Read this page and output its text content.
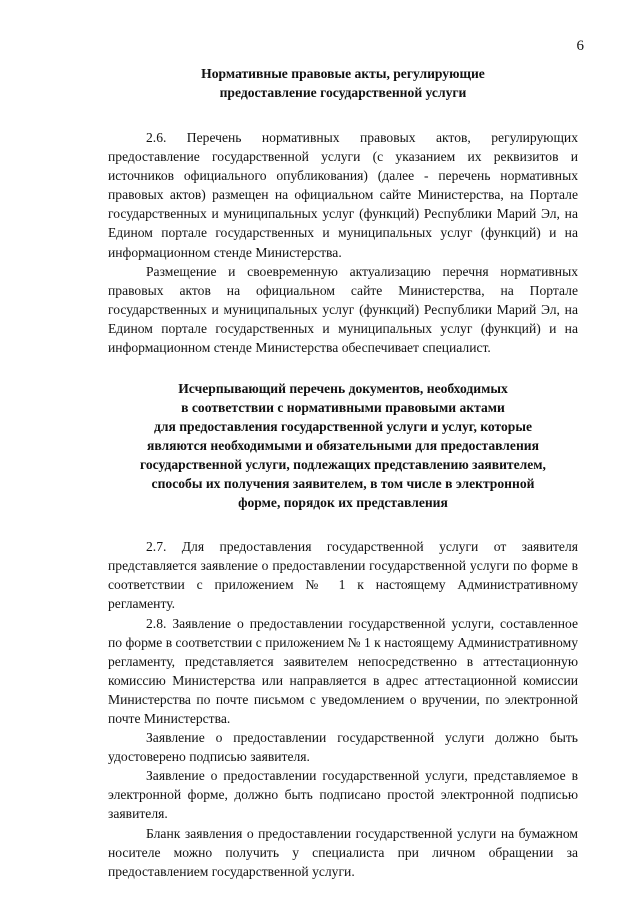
6
Нормативные правовые акты, регулирующие
предоставление государственной услуги

2.6. Перечень нормативных правовых актов, регулирующих предоставление государственной услуги (с указанием их реквизитов и источников официального опубликования) (далее - перечень нормативных правовых актов) размещен на официальном сайте Министерства, на Портале государственных и муниципальных услуг (функций) Республики Марий Эл, на Едином портале государственных и муниципальных услуг (функций) и на информационном стенде Министерства.

Размещение и своевременную актуализацию перечня нормативных правовых актов на официальном сайте Министерства, на Портале государственных и муниципальных услуг (функций) Республики Марий Эл, на Едином портале государственных и муниципальных услуг (функций) и на информационном стенде Министерства обеспечивает специалист.

Исчерпывающий перечень документов, необходимых
в соответствии с нормативными правовыми актами
для предоставления государственной услуги и услуг, которые
являются необходимыми и обязательными для предоставления
государственной услуги, подлежащих представлению заявителем,
способы их получения заявителем, в том числе в электронной
форме, порядок их представления

2.7. Для предоставления государственной услуги от заявителя представляется заявление о предоставлении государственной услуги по форме в соответствии с приложением № 1 к настоящему Административному регламенту.

2.8. Заявление о предоставлении государственной услуги, составленное по форме в соответствии с приложением № 1 к настоящему Административному регламенту, представляется заявителем непосредственно в аттестационную комиссию Министерства или направляется в адрес аттестационной комиссии Министерства по почте письмом с уведомлением о вручении, по электронной почте Министерства.

Заявление о предоставлении государственной услуги должно быть удостоверено подписью заявителя.

Заявление о предоставлении государственной услуги, представляемое в электронной форме, должно быть подписано простой электронной подписью заявителя.

Бланк заявления о предоставлении государственной услуги на бумажном носителе можно получить у специалиста при личном обращении за предоставлением государственной услуги.
